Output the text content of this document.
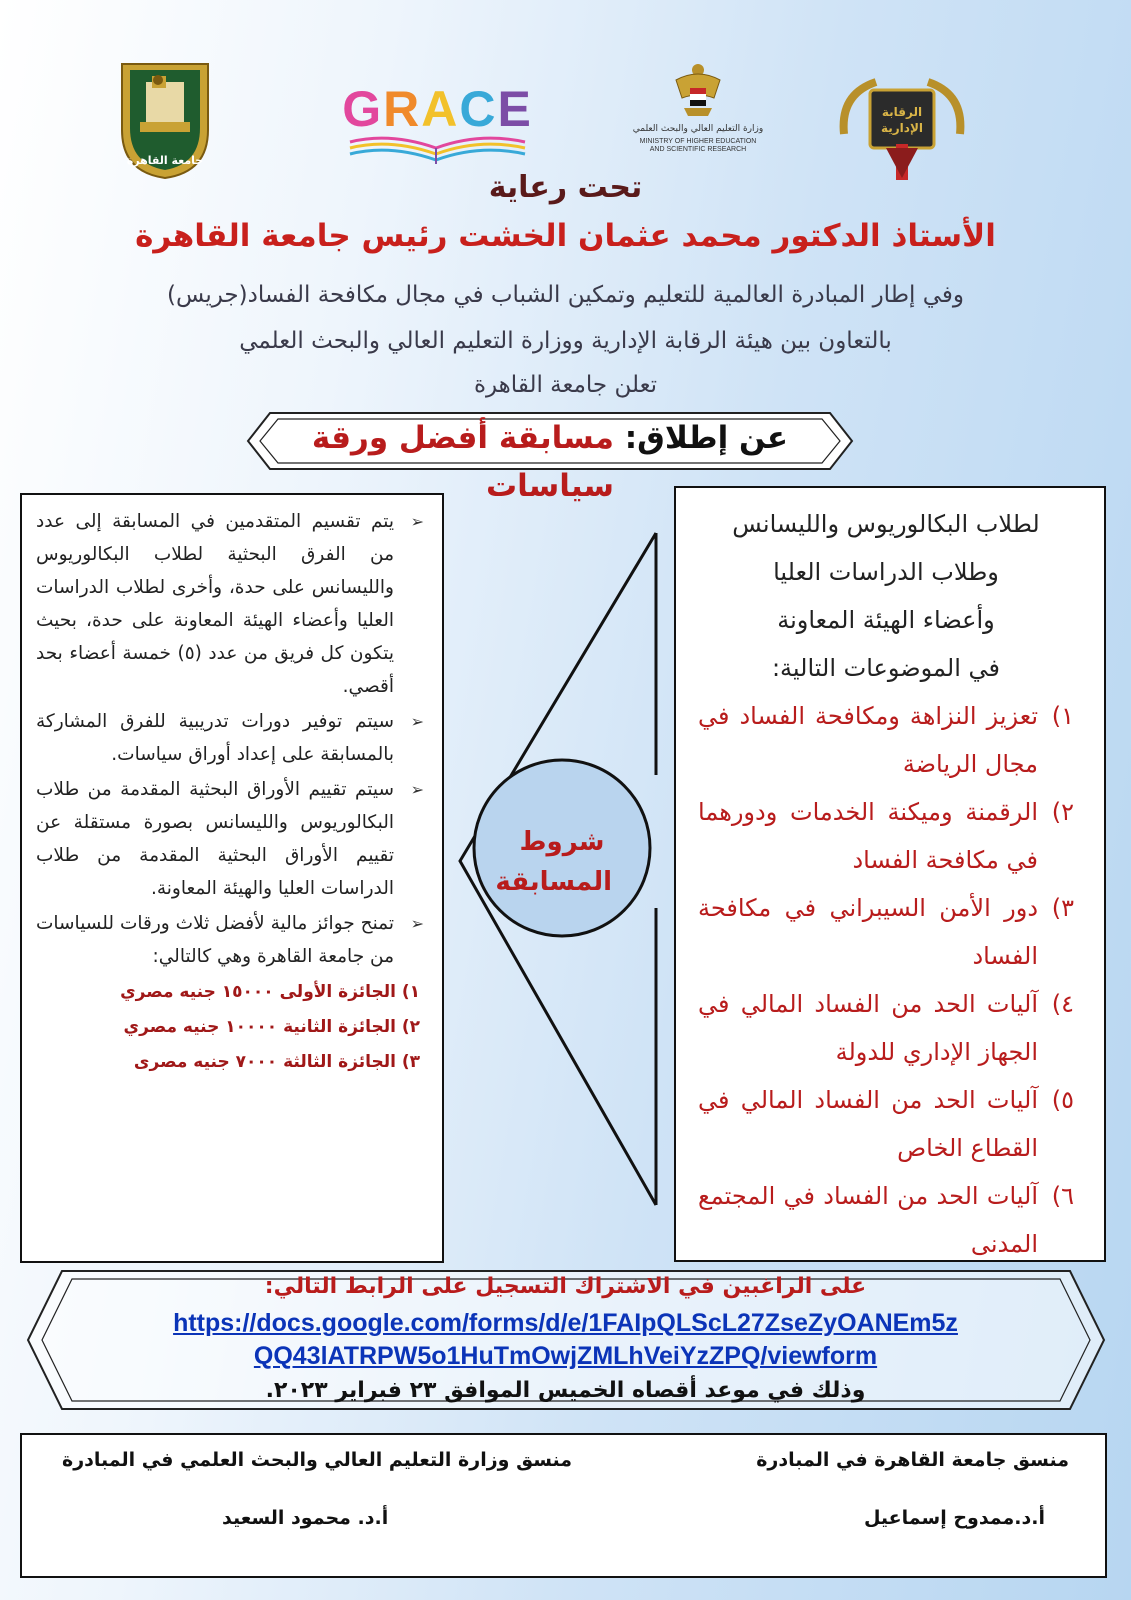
جامعة القاهرة
GRACE	وزارة التعليم العالي والبحث العلمي
MINISTRY OF HIGHER EDUCATION
AND SCIENTIFIC RESEARCH
الرقابة الإدارية
تحت رعاية
الأستاذ الدكتور محمد عثمان الخشت رئيس جامعة القاهرة
وفي إطار المبادرة العالمية للتعليم وتمكين الشباب في مجال مكافحة الفساد(جريس)
بالتعاون بين هيئة الرقابة الإدارية ووزارة التعليم العالي والبحث العلمي
تعلن جامعة القاهرة
عن إطلاق: مسابقة أفضل ورقة سياسات
➢
يتم تقسيم المتقدمين في المسابقة إلى عدد من الفرق البحثية لطلاب البكالوريوس والليسانس على حدة، وأخرى لطلاب الدراسات العليا وأعضاء الهيئة المعاونة على حدة، بحيث يتكون كل فريق من عدد (٥) خمسة أعضاء بحد أقصي.
➢
سيتم توفير دورات تدريبية للفرق المشاركة بالمسابقة على إعداد أوراق سياسات.
➢
سيتم تقييم الأوراق البحثية المقدمة من طلاب البكالوريوس والليسانس بصورة مستقلة عن تقييم الأوراق البحثية المقدمة من طلاب الدراسات العليا والهيئة المعاونة.
➢
تمنح جوائز مالية لأفضل ثلاث ورقات للسياسات من جامعة القاهرة وهي كالتالي:
١)
الجائزة الأولى ١٥٠٠٠ جنيه مصري
٢)
الجائزة الثانية ١٠٠٠٠ جنيه مصري
٣)
الجائزة الثالثة ٧٠٠٠ جنيه مصرى
شروط
المسابقة
لطلاب البكالوريوس والليسانس
وطلاب الدراسات العليا
وأعضاء الهيئة المعاونة
في الموضوعات التالية:
١)
تعزيز النزاهة ومكافحة الفساد في مجال الرياضة
٢)
الرقمنة وميكنة الخدمات ودورهما في مكافحة الفساد
٣)
دور الأمن السيبراني في مكافحة الفساد
٤)
آليات الحد من الفساد المالي في الجهاز الإداري للدولة
٥)
آليات الحد من الفساد المالي في القطاع الخاص
٦)
آليات الحد من الفساد في المجتمع المدنى
على الراغبين في الاشتراك التسجيل على الرابط التالي:
https://docs.google.com/forms/d/e/1FAIpQLScL27ZseZyOANEm5z
QQ43lATRPW5o1HuTmOwjZMLhVeiYzZPQ/viewform
وذلك في موعد أقصاه الخميس الموافق ٢٣ فبراير ٢٠٢٣.
منسق جامعة القاهرة في المبادرة
أ.د.ممدوح إسماعيل
منسق وزارة التعليم العالي والبحث العلمي في المبادرة
أ.د. محمود السعيد
